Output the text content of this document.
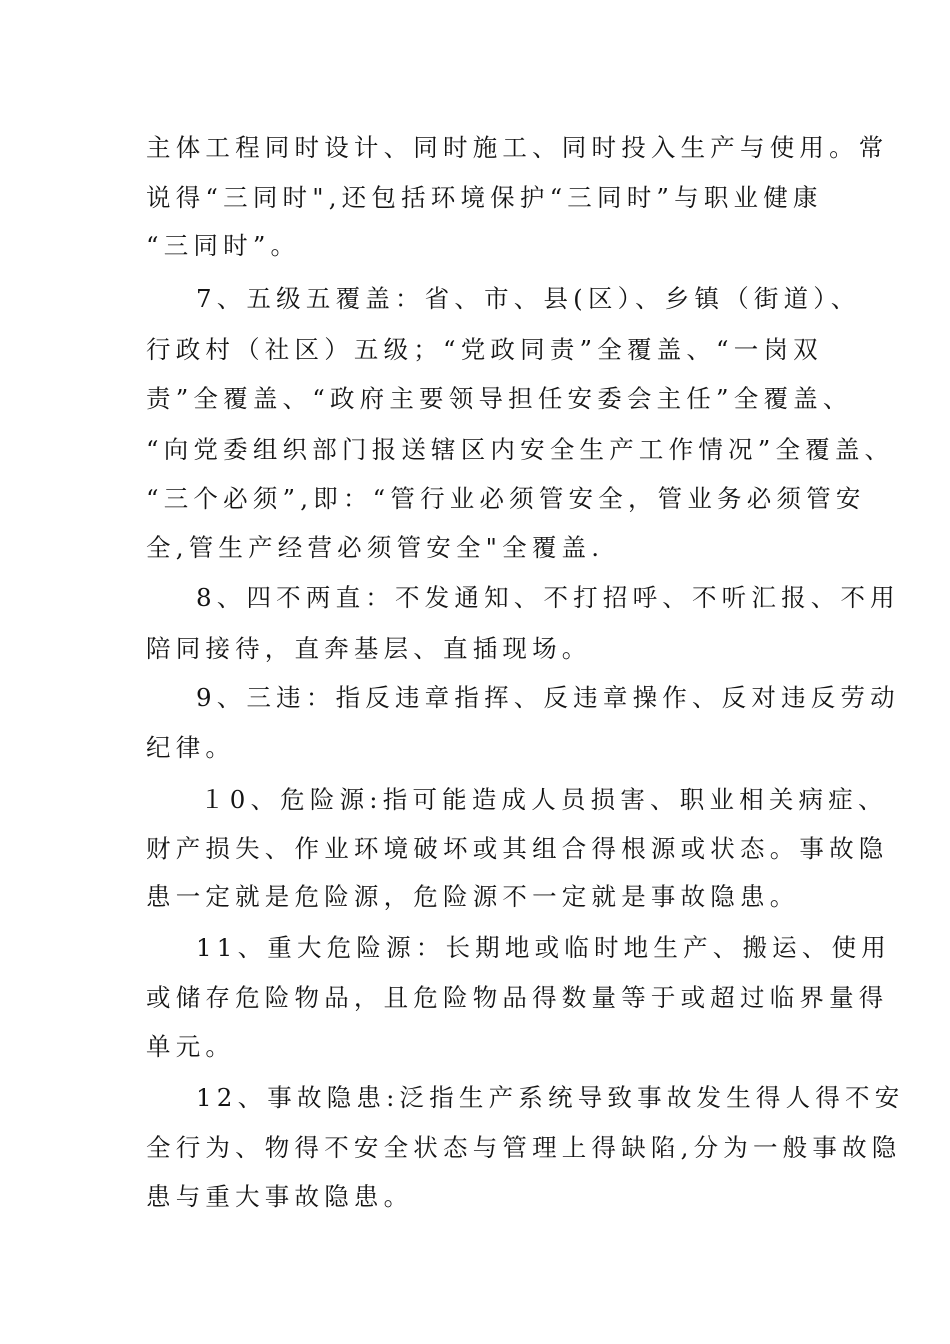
主体工程同时设计、同时施工、同时投入生产与使用。常
说得“三同时",还包括环境保护“三同时”与职业健康
“三同时”。
7、五级五覆盖：省、市、县(区）、乡镇（街道）、
行政村（社区）五级；“党政同责”全覆盖、“一岗双
责”全覆盖、“政府主要领导担任安委会主任”全覆盖、
“向党委组织部门报送辖区内安全生产工作情况”全覆盖、
“三个必须”,即：“管行业必须管安全，管业务必须管安
全,管生产经营必须管安全"全覆盖.
8、四不两直：不发通知、不打招呼、不听汇报、不用
陪同接待，直奔基层、直插现场。
9、三违：指反违章指挥、反违章操作、反对违反劳动
纪律。
１0、危险源:指可能造成人员损害、职业相关病症、
财产损失、作业环境破坏或其组合得根源或状态。事故隐
患一定就是危险源，危险源不一定就是事故隐患。
11、重大危险源：长期地或临时地生产、搬运、使用
或储存危险物品，且危险物品得数量等于或超过临界量得
单元。
12、事故隐患:泛指生产系统导致事故发生得人得不安
全行为、物得不安全状态与管理上得缺陷,分为一般事故隐
患与重大事故隐患。
